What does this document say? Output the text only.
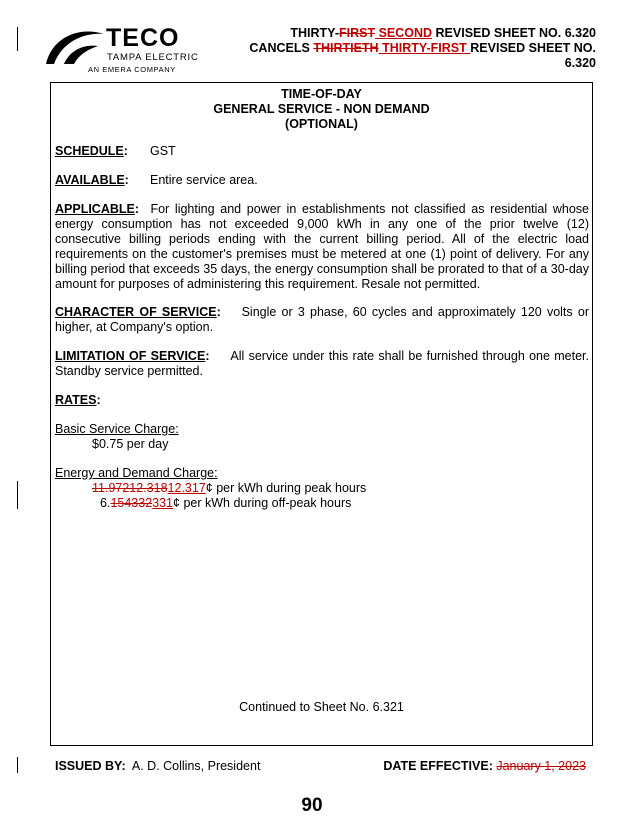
TECO
TAMPA ELECTRIC
AN EMERA COMPANY
THIRTY-FIRST SECOND REVISED SHEET NO. 6.320
CANCELS THIRTIETH THIRTY-FIRST REVISED SHEET NO.
6.320
TIME-OF-DAY
GENERAL SERVICE - NON DEMAND
(OPTIONAL)
SCHEDULE: GST
AVAILABLE: Entire service area.
APPLICABLE: For lighting and power in establishments not classified as residential whose energy consumption has not exceeded 9,000 kWh in any one of the prior twelve (12) consecutive billing periods ending with the current billing period. All of the electric load requirements on the customer's premises must be metered at one (1) point of delivery. For any billing period that exceeds 35 days, the energy consumption shall be prorated to that of a 30-day amount for purposes of administering this requirement. Resale not permitted.
CHARACTER OF SERVICE: Single or 3 phase, 60 cycles and approximately 120 volts or higher, at Company's option.
LIMITATION OF SERVICE: All service under this rate shall be furnished through one meter. Standby service permitted.
RATES:
Basic Service Charge:
$0.75 per day
Energy and Demand Charge:
11.97212.31812.317¢ per kWh during peak hours
6.154332331¢ per kWh during off-peak hours
Continued to Sheet No. 6.321
ISSUED BY: A. D. Collins, President	DATE EFFECTIVE: January 1, 2023
90
